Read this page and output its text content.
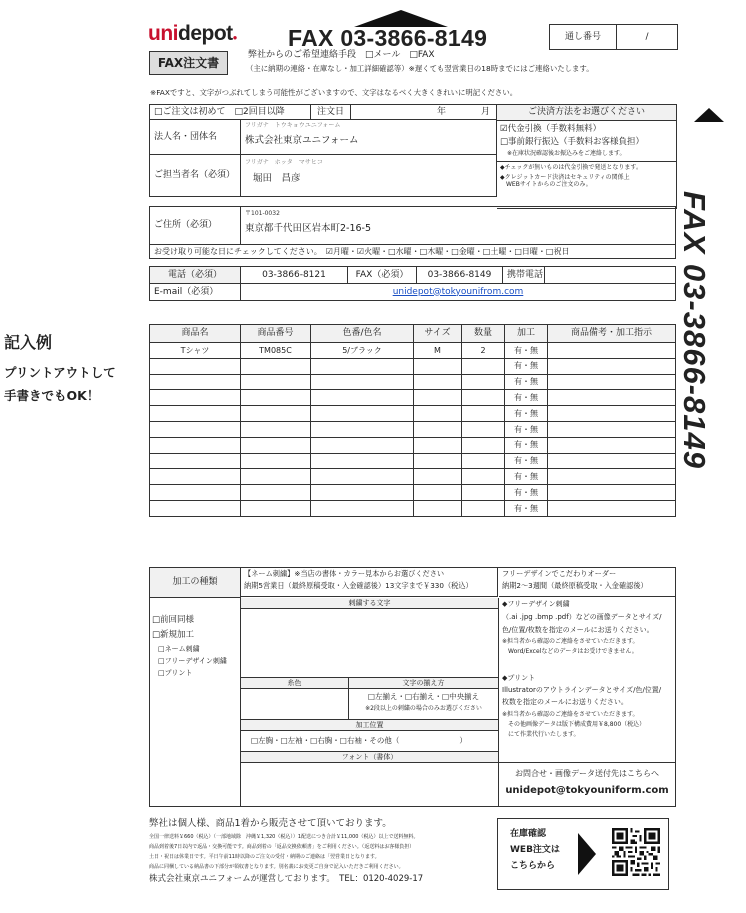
unidepot● FAX 03-3866-8149	通し番号	/
FAX注文書
弊社からのご希望連絡手段　□メール　□FAX
（主に納期の連絡・在庫なし・加工詳細確認等）※遅くても翌営業日の18時までにはご連絡いたします。
※FAXですと、文字がつぶれてしまう可能性がございますので、文字はなるべく大きくきれいに明記ください。
□ご注文は初めて　 □2回目以降		注文日	年 月
法人名・団体名	フリガナ　トウキョウユニフォーム
株式会社東京ユニフォーム		
ご担当者名（必須）	フリガナ　ホッタ　マサヒコ
堀田　昌彦		
ご決済方法をお選びください
☑代金引換（手数料無料）
□事前銀行振込（手数料お客様負担）
※在庫状況確認後お振込みをご連絡します。
◆チェックが無いものは代金引換で発送となります。
◆クレジットカード決済はセキュリティの関係上
WEBサイトからのご注文のみ。
ご住所（必須）	
〒101-0032
東京都千代田区岩本町2-16-5
お受け取り可能な日にチェックしてください。　☑月曜・☑火曜・□水曜・□木曜・□金曜・□土曜・□日曜・□祝日
電話（必須）	03-3866-8121	FAX（必須）	03-3866-8149	携帯電話	
E-mail（必須）	unidepot@tokyounifrom.com				
記入例
プリントアウトして
手書きでもOK！	FAX 03-3866-8149
商品名	商品番号	色番/色名	サイズ	数量	加工	商品備考・加工指示
Tシャツ	TM085C	5/ブラック	M	2	有・無	
					有・無	
					有・無	
					有・無	
					有・無	
					有・無	
					有・無	
					有・無	
					有・無	
					有・無	
					有・無	
加工の種類
【ネーム刺繍】※当店の書体・カラー見本からお選びください
納期5営業日（最終原稿受取・入金確認後）13文字まで￥330（税込）
フリーデザインでこだわりオーダー
納期2～3週間（最終原稿受取・入金確認後）
□前回同様
□新規加工
□ネーム刺繍
□フリーデザイン刺繍
□プリント
刺繍する文字
糸色	文字の揃え方
□左揃え・□右揃え・□中央揃え
※2段以上の刺繍の場合のみお選びください
加工位置
□左胸・□左袖・□右胸・□右袖・その他（　　　　　　　　）
フォント（書体）
◆フリーデザイン刺繍
（.ai .jpg .bmp .pdf）などの画像データとサイズ/
色/位置/枚数を指定のメールにお送りください。
※担当者から確認のご連絡をさせていただきます。
Word/Excelなどのデータはお受けできません。
◆プリント
Illustratorのアウトラインデータとサイズ/色/位置/
枚数を指定のメールにお送りください。
※担当者から確認のご連絡をさせていただきます。
その他画像データは版下構成費用￥8,800（税込）
にて作業代行いたします。
お問合せ・画像データ送付先はこちらへ
unidepot@tokyouniform.com
弊社は個人様、商品1着から販売させて頂いております。
全国一律送料￥660（税込）（一部地域除　沖縄￥1,320（税込））1配送につき合計￥11,000（税込）以上で送料無料。
商品到着後7日以内で返品・交換可能です。商品到着の「返品交換依頼書」をご利用ください。（返送料はお客様負担）
土日・祝日は休業日です。平日午前11時以降のご注文の受付・納期のご連絡は「翌営業日となります。
商品に同梱している納品書の下部分が領収書となります。別名義にお変更ご自身で記入いただきご利用ください。
株式会社東京ユニフォームが運営しております。　TEL：0120-4029-17
在庫確認
WEB注文は
こちらから
